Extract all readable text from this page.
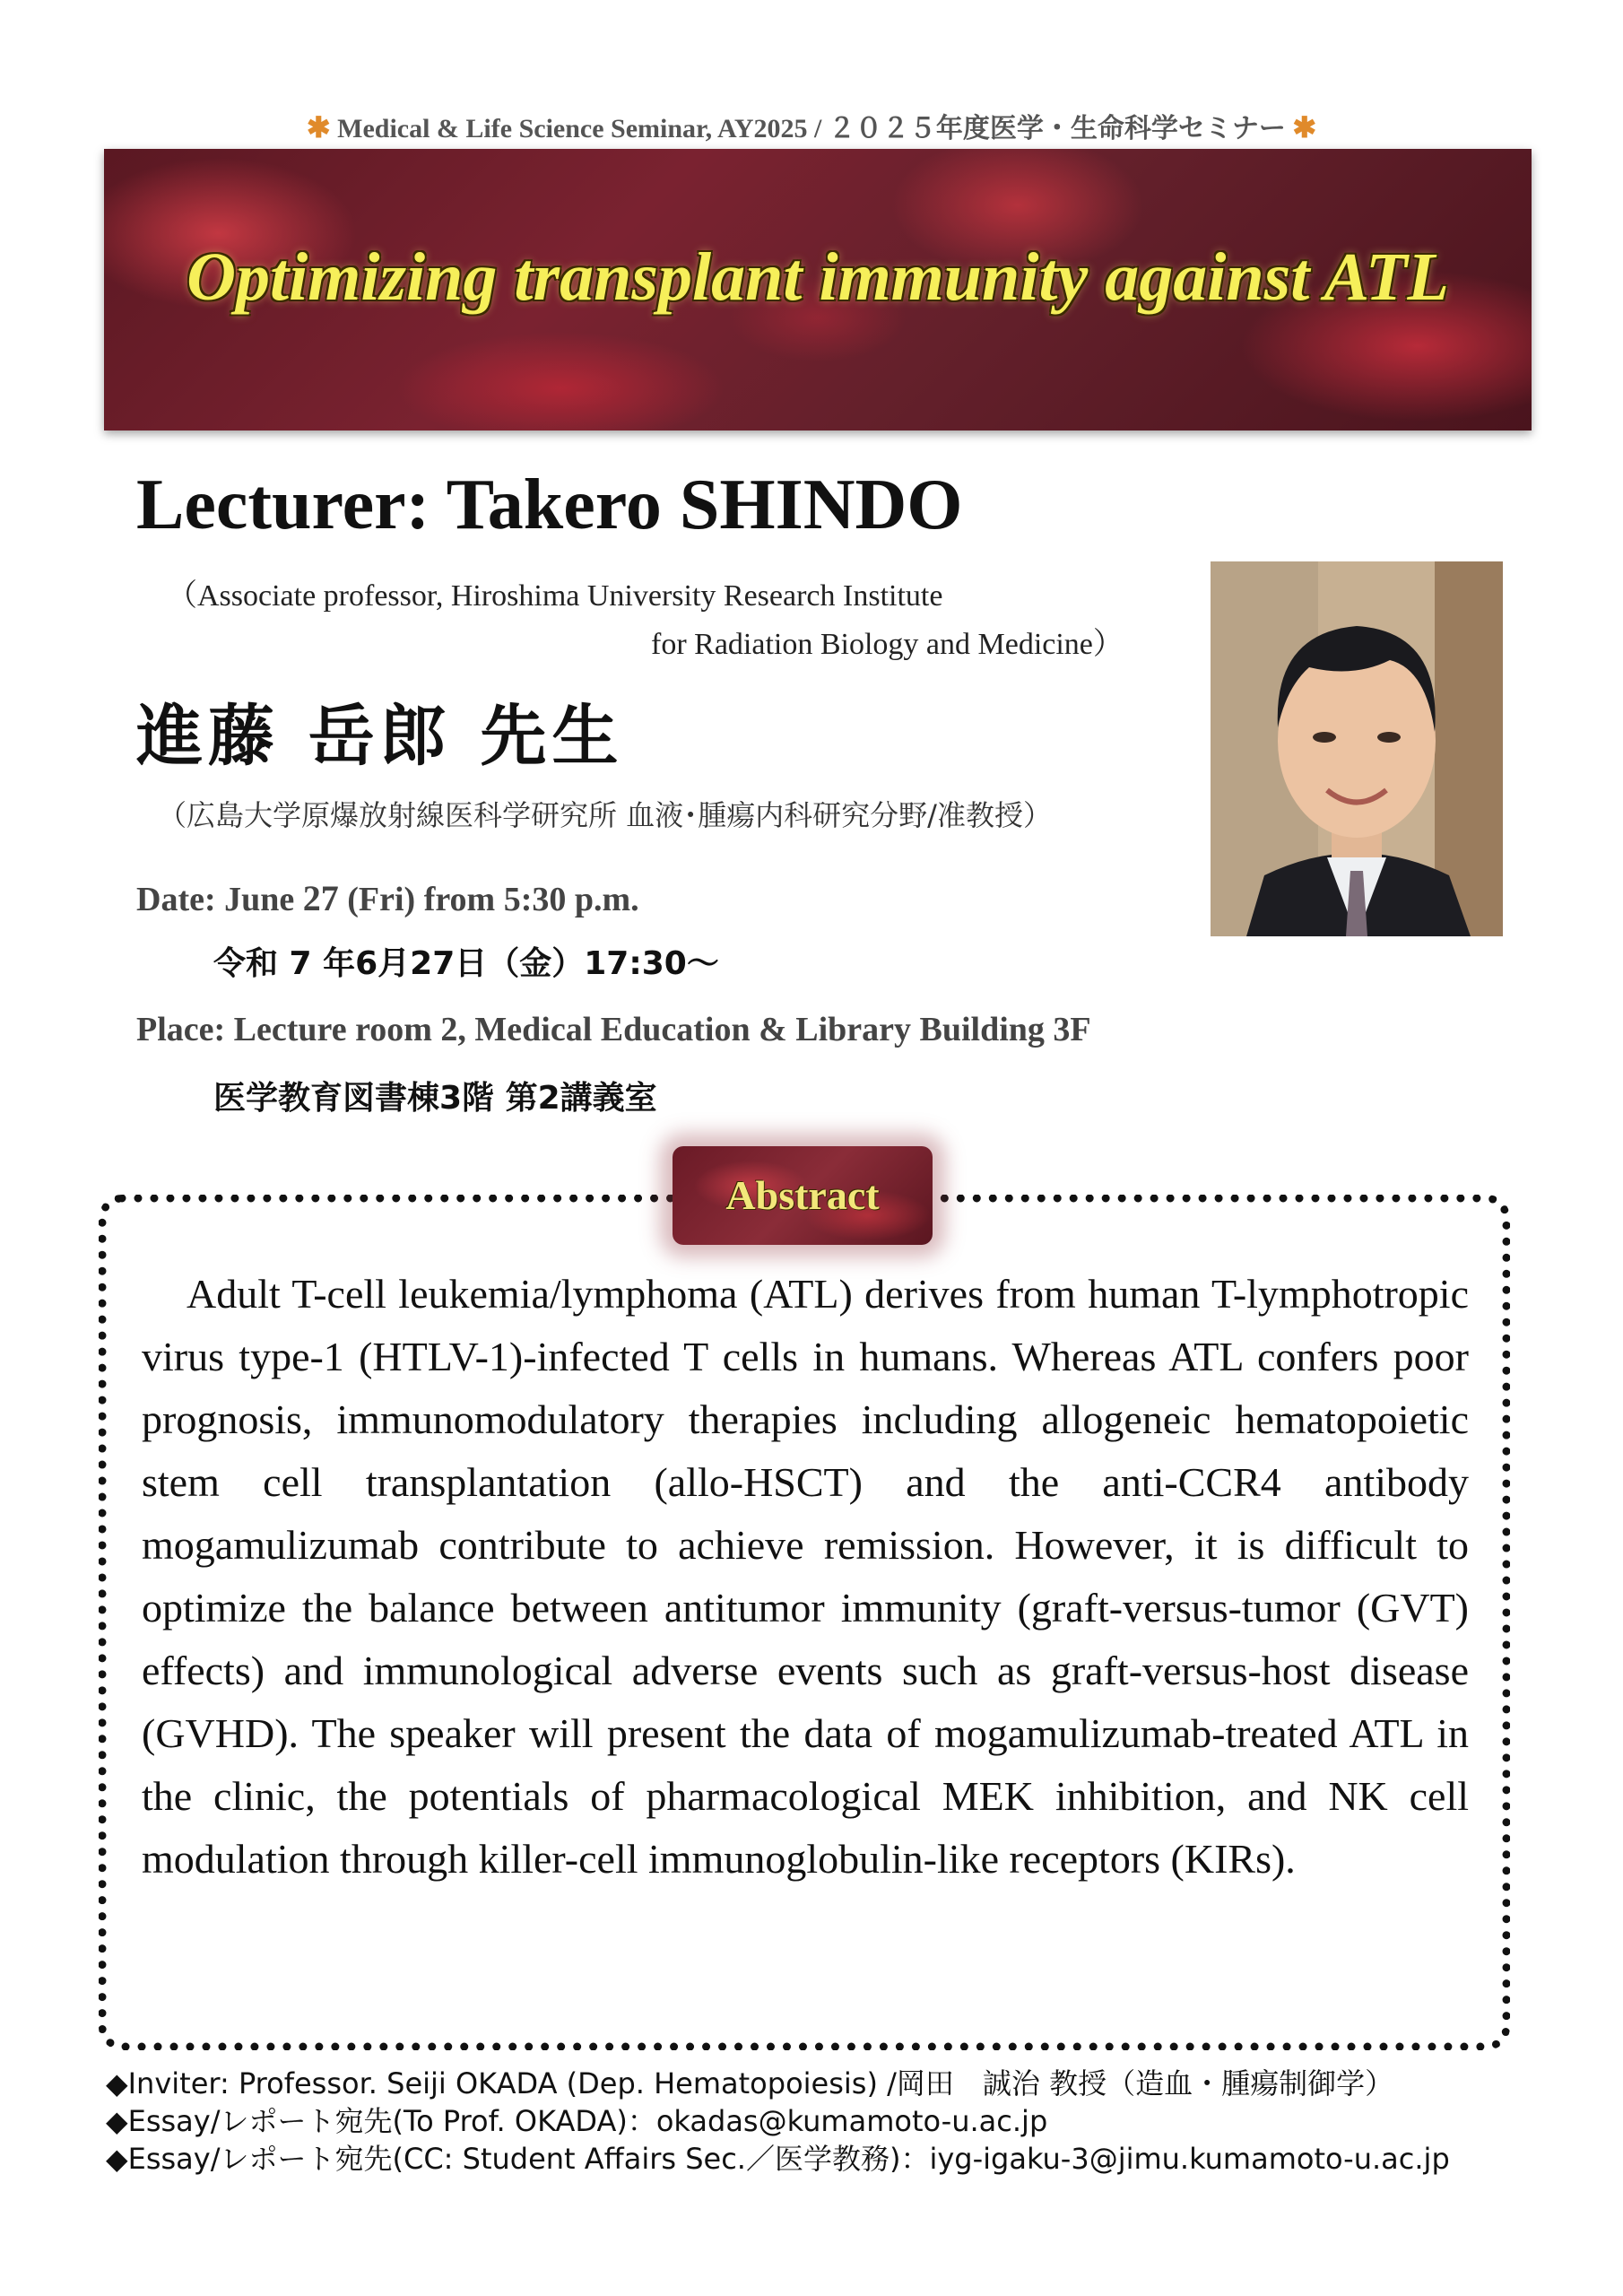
✱ Medical & Life Science Seminar, AY2025 / ２０２５年度医学・生命科学セミナー ✱
Optimizing transplant immunity against ATL
Lecturer: Takero SHINDO
（Associate professor, Hiroshima University Research Institute
for Radiation Biology and Medicine）
進藤 岳郎 先生
（広島大学原爆放射線医科学研究所 血液･腫瘍内科研究分野/准教授）
Date: June 27 (Fri) from 5:30 p.m.
令和 7 年6月27日（金）17:30～
Place: Lecture room 2, Medical Education & Library Building 3F
医学教育図書棟3階 第2講義室
Abstract
Adult T-cell leukemia/lymphoma (ATL) derives from human T-lymphotropic virus type-1 (HTLV-1)-infected T cells in humans. Whereas ATL confers poor prognosis, immunomodulatory therapies including allogeneic hematopoietic stem cell transplantation (allo-HSCT) and the anti-CCR4 antibody mogamulizumab contribute to achieve remission. However, it is difficult to optimize the balance between antitumor immunity (graft-versus-tumor (GVT) effects) and immunological adverse events such as graft-versus-host disease (GVHD). The speaker will present the data of mogamulizumab-treated ATL in the clinic, the potentials of pharmacological MEK inhibition, and NK cell modulation through killer-cell immunoglobulin-like receptors (KIRs).
◆Inviter: Professor. Seiji OKADA (Dep. Hematopoiesis) /岡田　誠治 教授（造血・腫瘍制御学）
◆Essay/レポート宛先(To Prof. OKADA)：okadas@kumamoto-u.ac.jp
◆Essay/レポート宛先(CC: Student Affairs Sec.／医学教務)：iyg-igaku-3@jimu.kumamoto-u.ac.jp
